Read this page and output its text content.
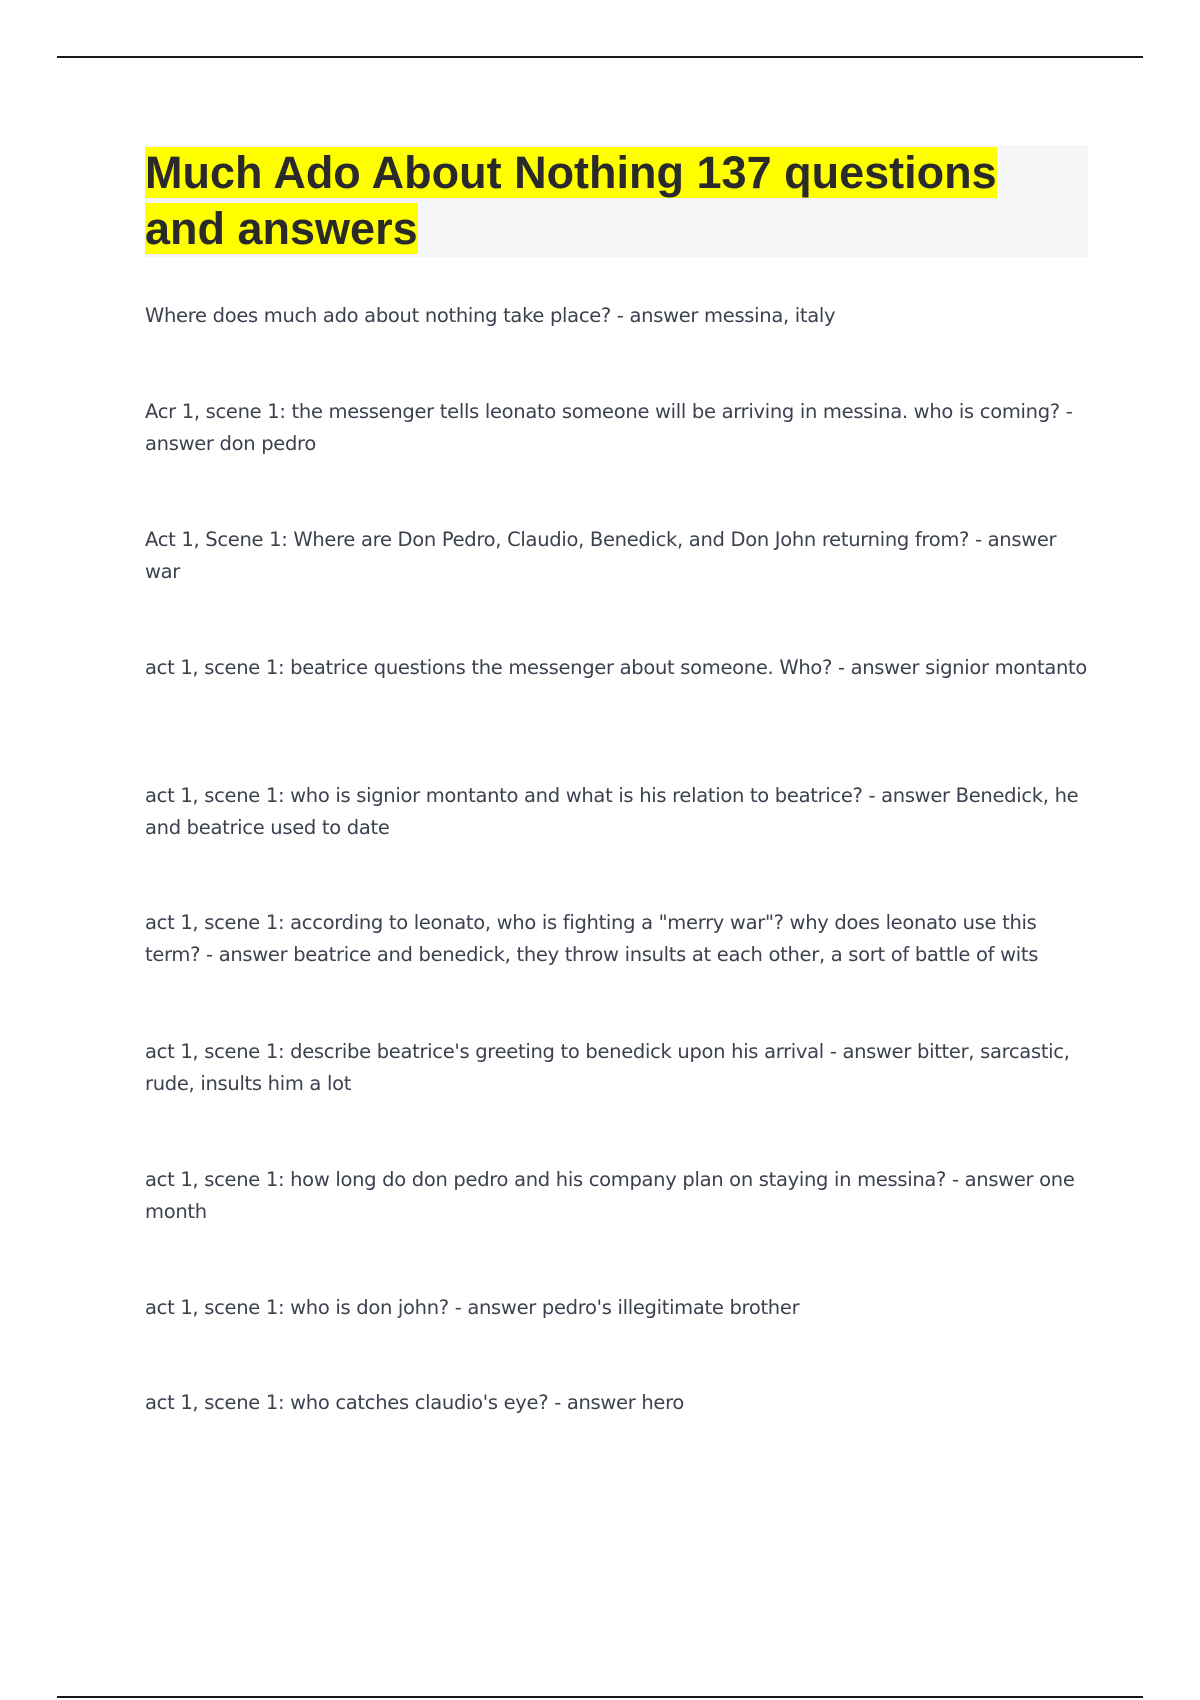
Much Ado About Nothing 137 questions and answers
Where does much ado about nothing take place? - answer messina, italy
Acr 1, scene 1: the messenger tells leonato someone will be arriving in messina. who is coming? - answer don pedro
Act 1, Scene 1: Where are Don Pedro, Claudio, Benedick, and Don John returning from? - answer war
act 1, scene 1: beatrice questions the messenger about someone. Who? - answer signior montanto
act 1, scene 1: who is signior montanto and what is his relation to beatrice? - answer Benedick, he and beatrice used to date
act 1, scene 1: according to leonato, who is fighting a "merry war"? why does leonato use this term? - answer beatrice and benedick, they throw insults at each other, a sort of battle of wits
act 1, scene 1: describe beatrice's greeting to benedick upon his arrival - answer bitter, sarcastic, rude, insults him a lot
act 1, scene 1: how long do don pedro and his company plan on staying in messina? - answer one month
act 1, scene 1: who is don john? - answer pedro's illegitimate brother
act 1, scene 1: who catches claudio's eye? - answer hero
